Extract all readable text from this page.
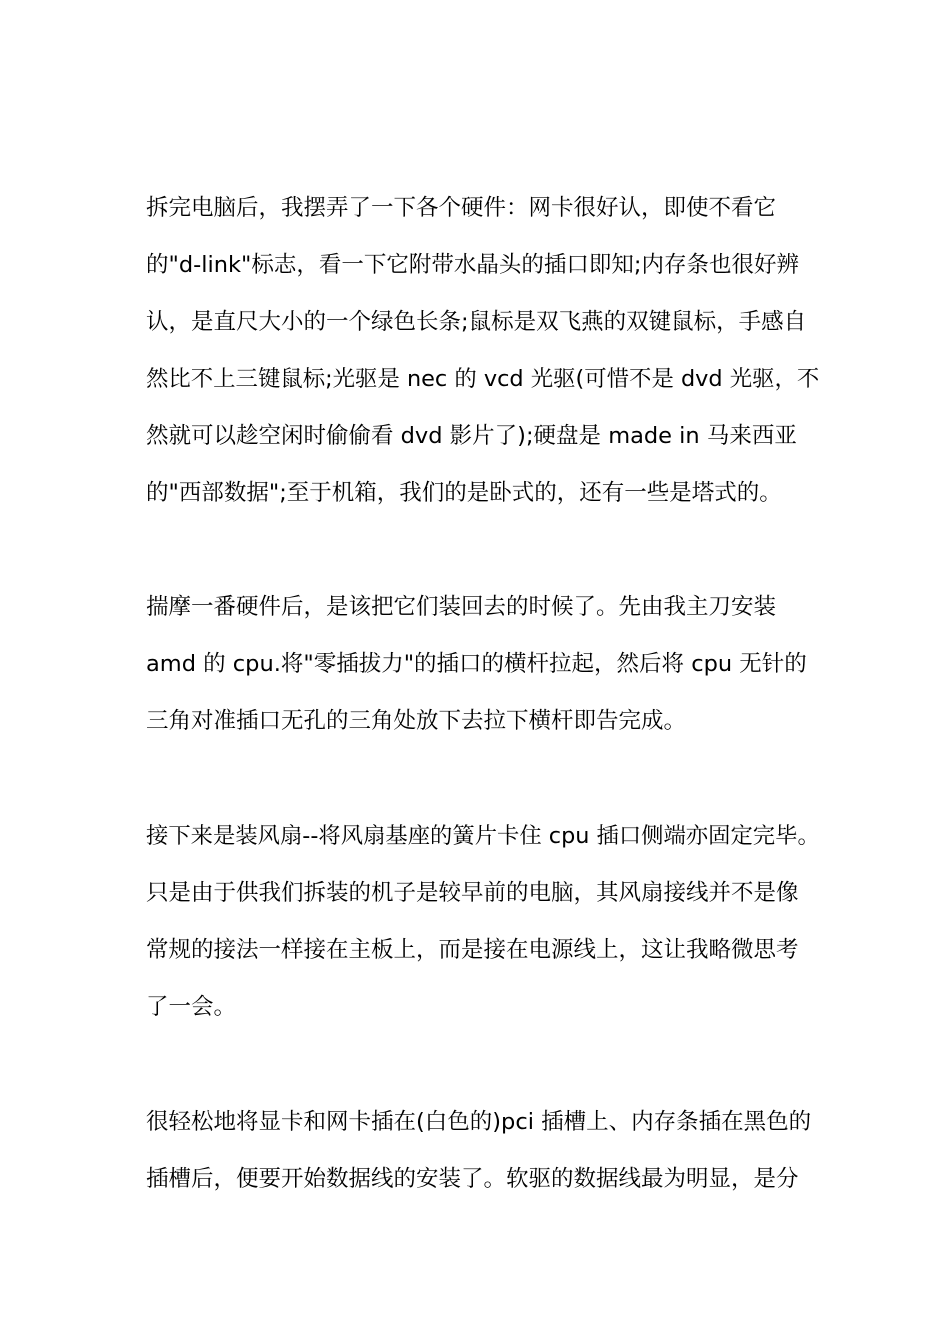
拆完电脑后，我摆弄了一下各个硬件：网卡很好认，即使不看它

的"d-link"标志，看一下它附带水晶头的插口即知;内存条也很好辨

认，是直尺大小的一个绿色长条;鼠标是双飞燕的双键鼠标，手感自

然比不上三键鼠标;光驱是 nec 的 vcd 光驱(可惜不是 dvd 光驱，不

然就可以趁空闲时偷偷看 dvd 影片了);硬盘是 made in 马来西亚

的"西部数据";至于机箱，我们的是卧式的，还有一些是塔式的。

揣摩一番硬件后，是该把它们装回去的时候了。先由我主刀安装

amd 的 cpu.将"零插拔力"的插口的横杆拉起，然后将 cpu 无针的

三角对准插口无孔的三角处放下去拉下横杆即告完成。

接下来是装风扇--将风扇基座的簧片卡住 cpu 插口侧端亦固定完毕。

只是由于供我们拆装的机子是较早前的电脑，其风扇接线并不是像

常规的接法一样接在主板上，而是接在电源线上，这让我略微思考

了一会。

很轻松地将显卡和网卡插在(白色的)pci 插槽上、内存条插在黑色的

插槽后，便要开始数据线的安装了。软驱的数据线最为明显，是分
